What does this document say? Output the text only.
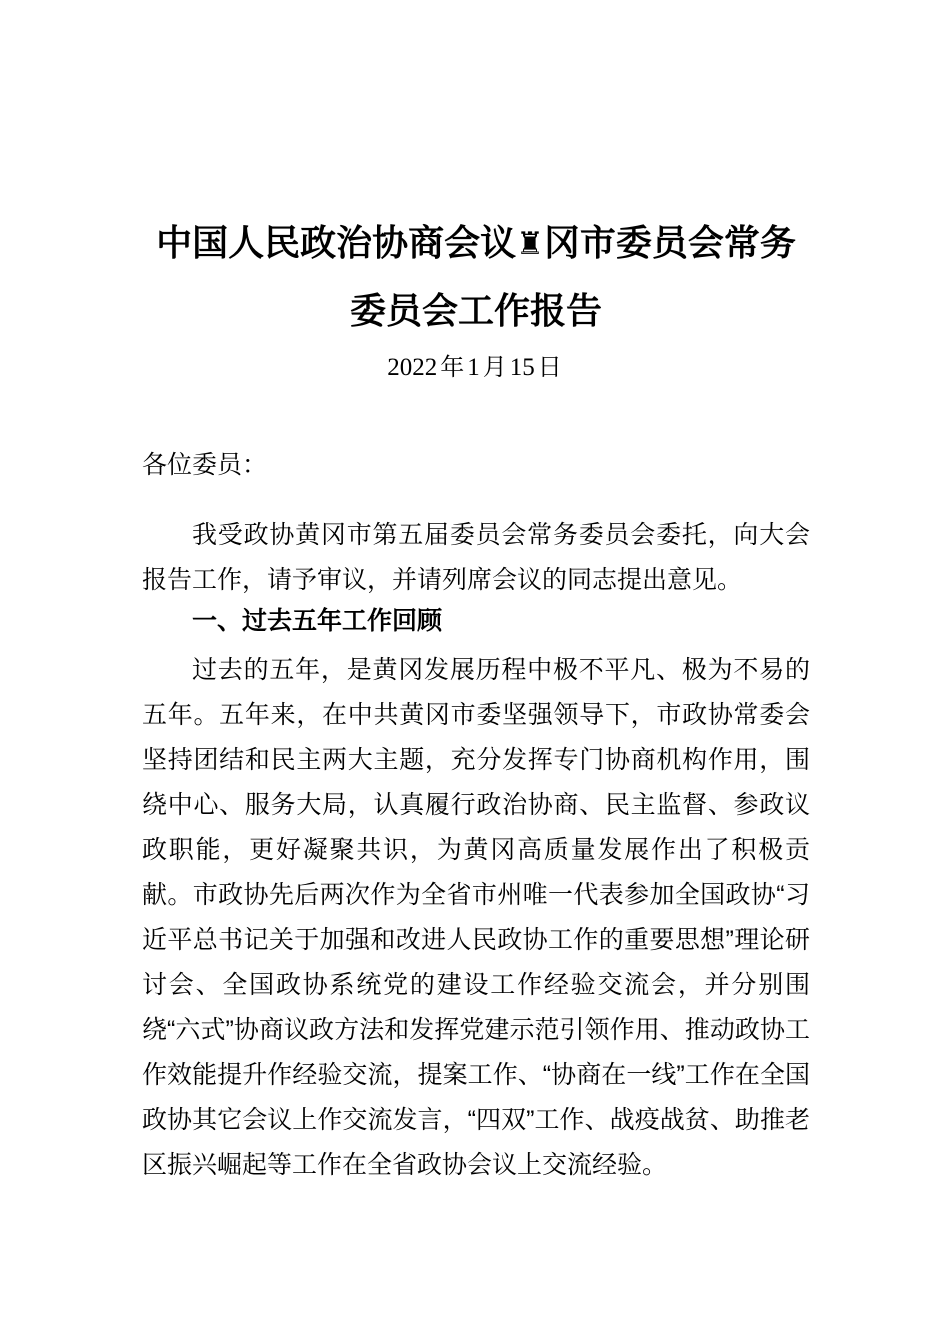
中国人民政治协商会议♜冈市委员会常务
委员会工作报告
2022 年 1 月 15 日
各位委员：

我受政协黄冈市第五届委员会常务委员会委托，向大会报告工作，请予审议，并请列席会议的同志提出意见。

一、过去五年工作回顾

过去的五年，是黄冈发展历程中极不平凡、极为不易的五年。五年来，在中共黄冈市委坚强领导下，市政协常委会坚持团结和民主两大主题，充分发挥专门协商机构作用，围绕中心、服务大局，认真履行政治协商、民主监督、参政议政职能，更好凝聚共识，为黄冈高质量发展作出了积极贡献。市政协先后两次作为全省市州唯一代表参加全国政协“习近平总书记关于加强和改进人民政协工作的重要思想”理论研讨会、全国政协系统党的建设工作经验交流会，并分别围绕“六式”协商议政方法和发挥党建示范引领作用、推动政协工作效能提升作经验交流，提案工作、“协商在一线”工作在全国政协其它会议上作交流发言，“四双”工作、战疫战贫、助推老区振兴崛起等工作在全省政协会议上交流经验。
